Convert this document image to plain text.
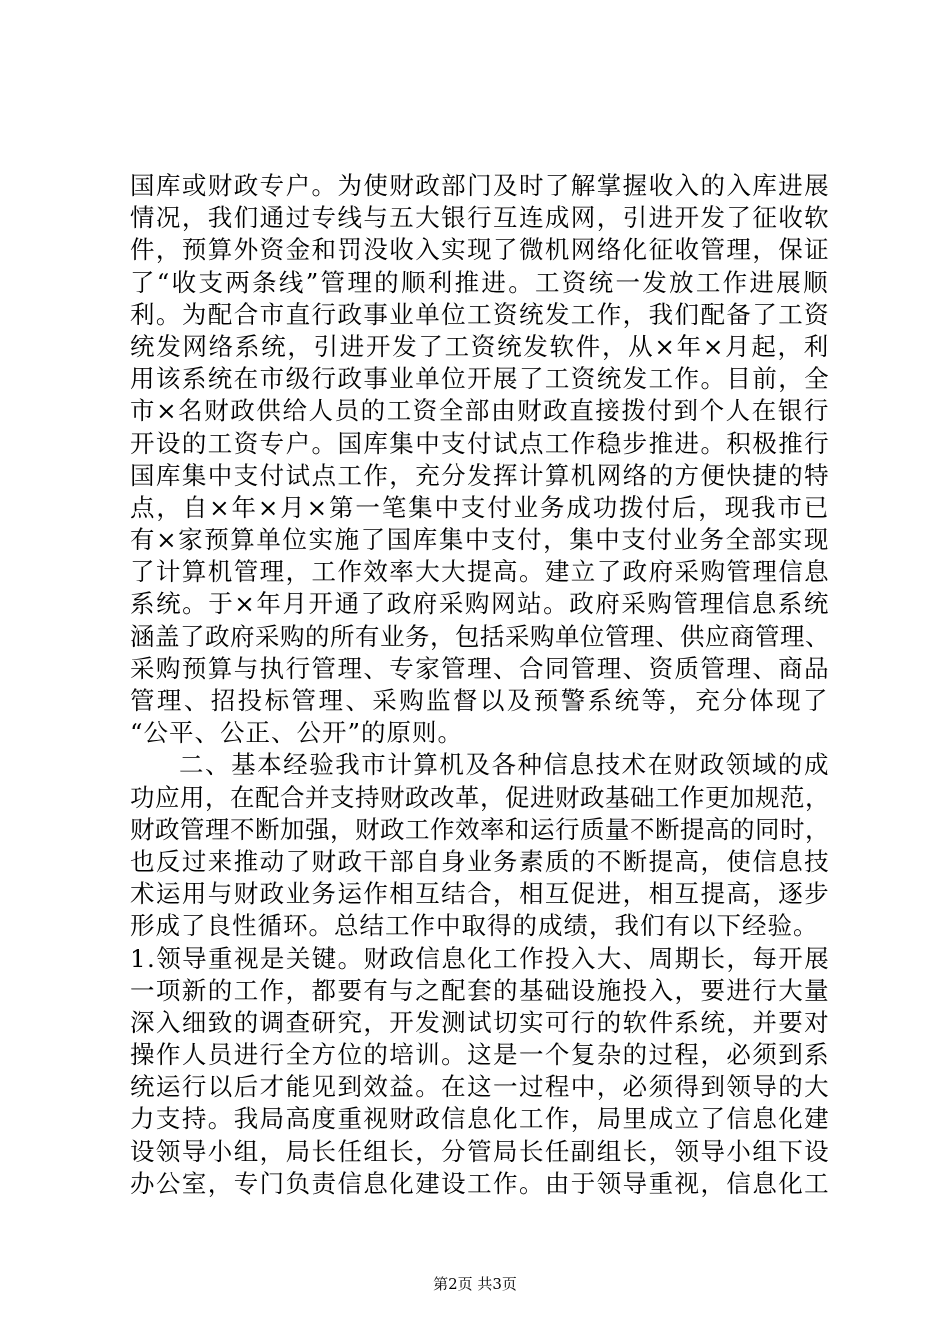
国库或财政专户。为使财政部门及时了解掌握收入的入库进展
情况，我们通过专线与五大银行互连成网，引进开发了征收软
件，预算外资金和罚没收入实现了微机网络化征收管理，保证
了“收支两条线”管理的顺利推进。工资统一发放工作进展顺
利。为配合市直行政事业单位工资统发工作，我们配备了工资
统发网络系统，引进开发了工资统发软件，从×年×月起，利
用该系统在市级行政事业单位开展了工资统发工作。目前，全
市×名财政供给人员的工资全部由财政直接拨付到个人在银行
开设的工资专户。国库集中支付试点工作稳步推进。积极推行
国库集中支付试点工作，充分发挥计算机网络的方便快捷的特
点，自×年×月×第一笔集中支付业务成功拨付后，现我市已
有×家预算单位实施了国库集中支付，集中支付业务全部实现
了计算机管理，工作效率大大提高。建立了政府采购管理信息
系统。于×年月开通了政府采购网站。政府采购管理信息系统
涵盖了政府采购的所有业务，包括采购单位管理、供应商管理、
采购预算与执行管理、专家管理、合同管理、资质管理、商品
管理、招投标管理、采购监督以及预警系统等，充分体现了
“公平、公正、公开”的原则。
二、基本经验我市计算机及各种信息技术在财政领域的成
功应用，在配合并支持财政改革，促进财政基础工作更加规范，
财政管理不断加强，财政工作效率和运行质量不断提高的同时，
也反过来推动了财政干部自身业务素质的不断提高，使信息技
术运用与财政业务运作相互结合，相互促进，相互提高，逐步
形成了良性循环。总结工作中取得的成绩，我们有以下经验。
1.领导重视是关键。财政信息化工作投入大、周期长，每开展
一项新的工作，都要有与之配套的基础设施投入，要进行大量
深入细致的调查研究，开发测试切实可行的软件系统，并要对
操作人员进行全方位的培训。这是一个复杂的过程，必须到系
统运行以后才能见到效益。在这一过程中，必须得到领导的大
力支持。我局高度重视财政信息化工作，局里成立了信息化建
设领导小组，局长任组长，分管局长任副组长，领导小组下设
办公室，专门负责信息化建设工作。由于领导重视，信息化工
第2页 共3页
